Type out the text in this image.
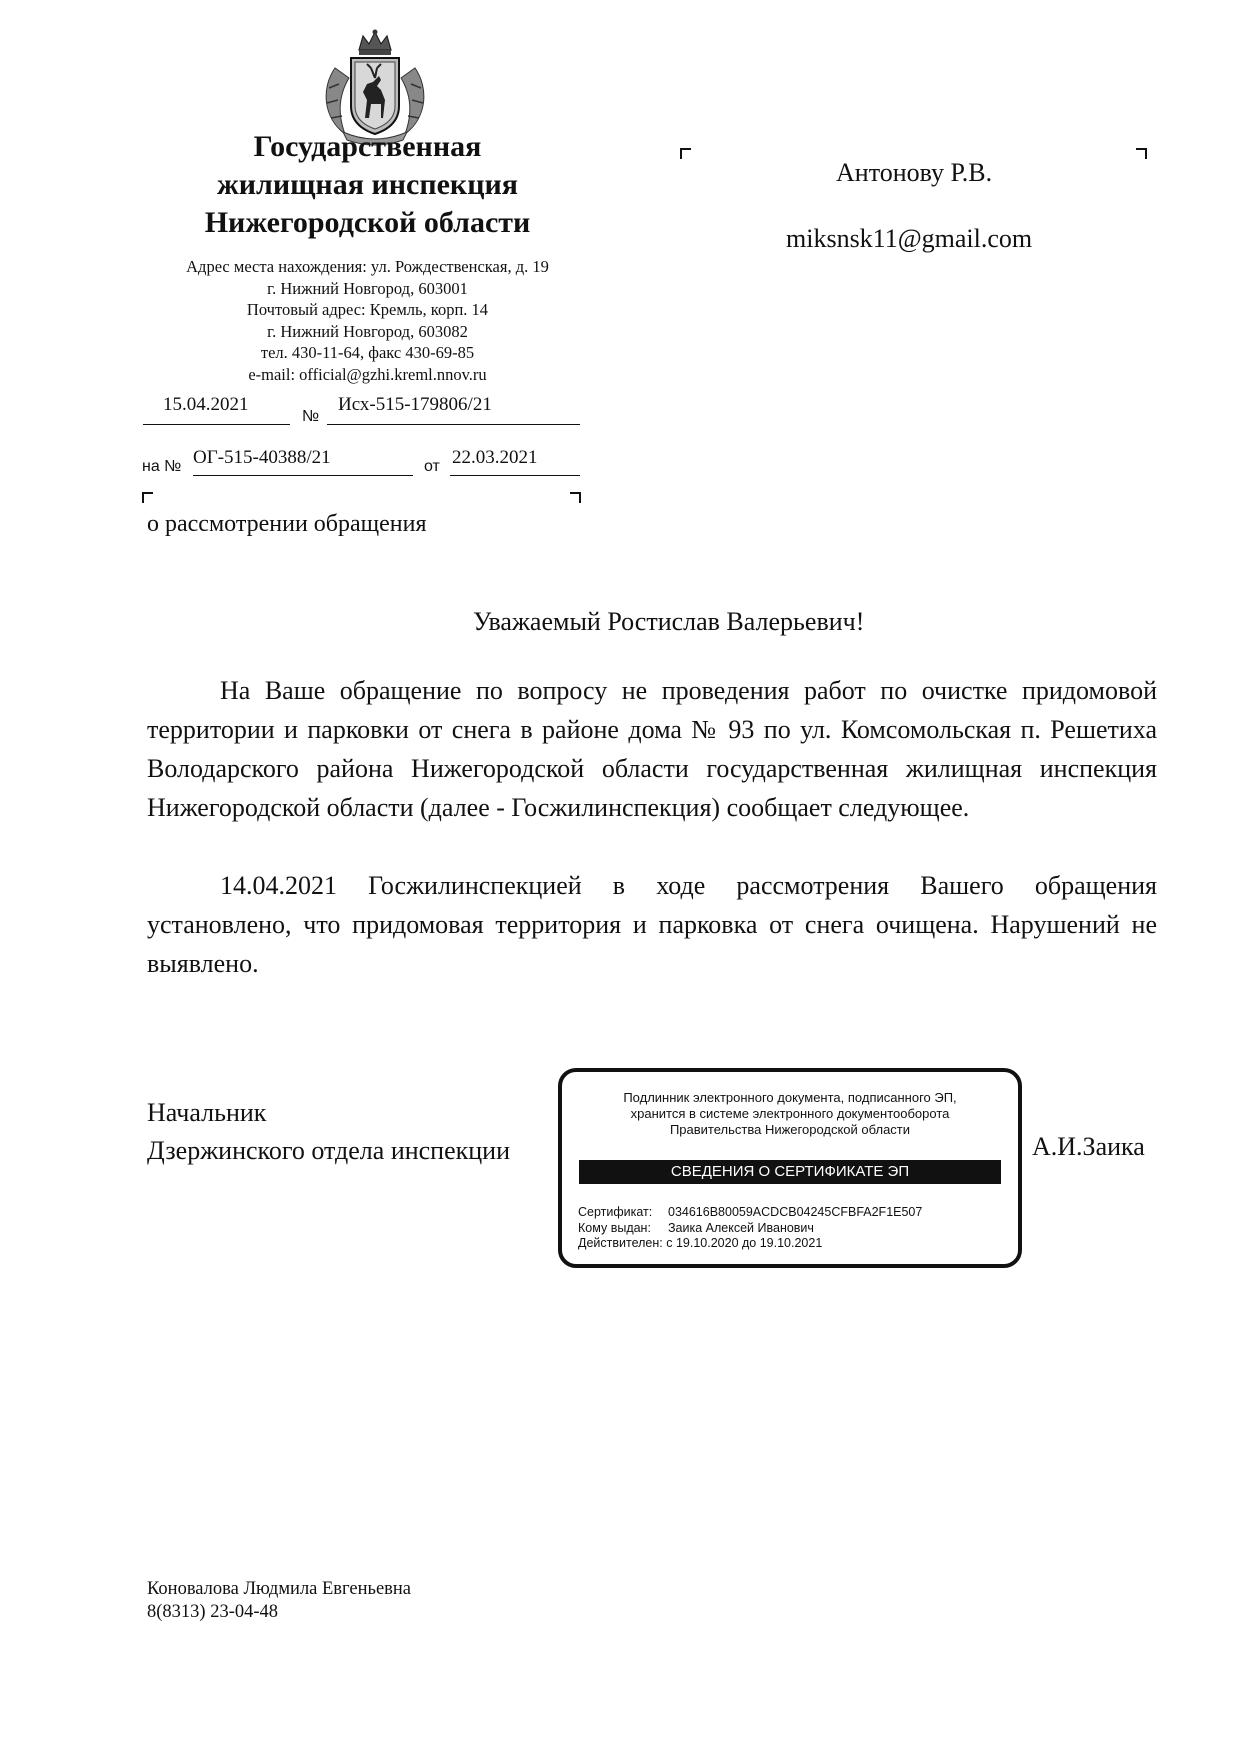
Государственная
жилищная инспекция
Нижегородской области
Адрес места нахождения: ул. Рождественская, д. 19
г. Нижний Новгород, 603001
Почтовый адрес: Кремль, корп. 14
г. Нижний Новгород, 603082
тел. 430-11-64, факс 430-69-85
e-mail: official@gzhi.kreml.nnov.ru
15.04.2021
№
Исх-515-179806/21
на № ОГ-515-40388/21	от 22.03.2021
о рассмотрении обращения
Антонову Р.В.
miksnsk11@gmail.com
Уважаемый Ростислав Валерьевич!

На Ваше обращение по вопросу не проведения работ по очистке придомовой территории и парковки от снега в районе дома № 93 по ул. Комсомольская п. Решетиха Володарского района Нижегородской области государственная жилищная инспекция Нижегородской области (далее - Госжилинспекция) сообщает следующее.

14.04.2021 Госжилинспекцией в ходе рассмотрения Вашего обращения установлено, что придомовая территория и парковка от снега очищена. Нарушений не выявлено.

Начальник
Дзержинского отдела инспекции	А.И.Заика
Подлинник электронного документа, подписанного ЭП,
хранится в системе электронного документооборота
Правительства Нижегородской области
СВЕДЕНИЯ О СЕРТИФИКАТЕ ЭП
Сертификат: 034616B80059ACDCB04245CFBFA2F1E507
Кому выдан: Заика Алексей Иванович
Действителен: с 19.10.2020 до 19.10.2021
Коновалова Людмила Евгеньевна
8(8313) 23-04-48
